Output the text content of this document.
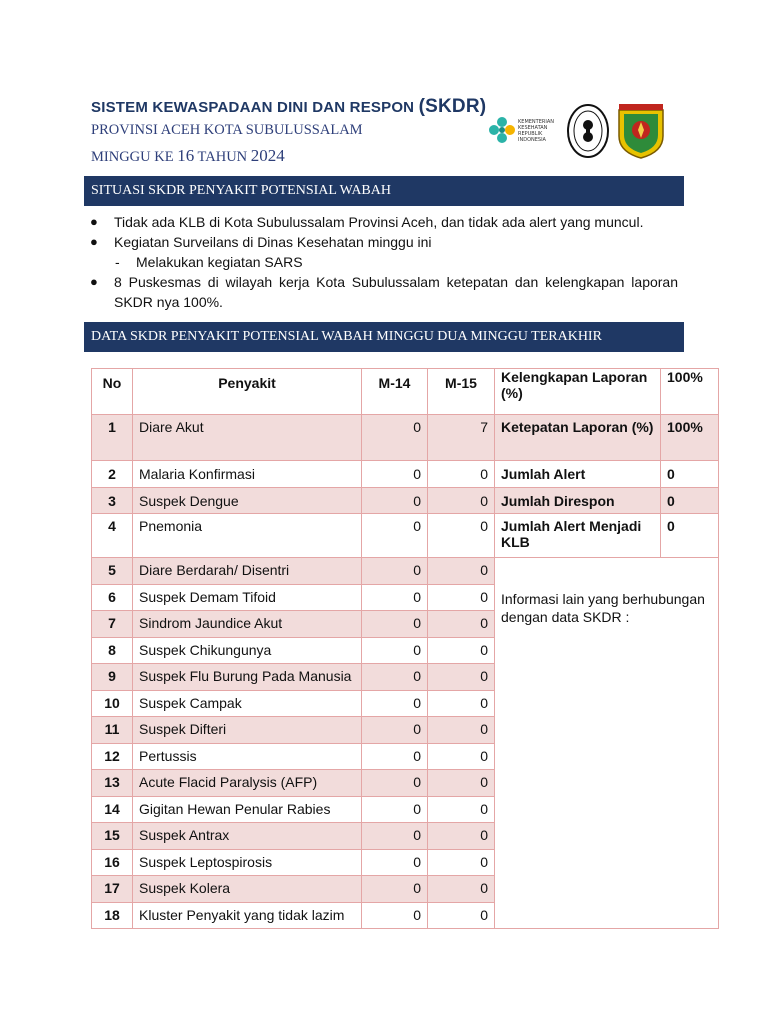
SISTEM KEWASPADAAN DINI DAN RESPON (SKDR)
PROVINSI ACEH KOTA SUBULUSSALAM
MINGGU KE 16 TAHUN 2024
KEMENTERIAN
KESEHATAN
REPUBLIK
INDONESIA
SITUASI SKDR PENYAKIT POTENSIAL WABAH
● Tidak ada KLB di Kota Subulussalam Provinsi Aceh, dan tidak ada alert yang muncul.
● Kegiatan Surveilans di Dinas Kesehatan minggu ini
- Melakukan kegiatan SARS
● 8 Puskesmas di wilayah kerja Kota Subulussalam ketepatan dan kelengkapan laporan SKDR nya 100%.
DATA SKDR PENYAKIT POTENSIAL WABAH MINGGU DUA MINGGU TERAKHIR
No	Penyakit	M-14	M-15	Kelengkapan Laporan (%)	100%
1	Diare Akut	0	7	Ketepatan Laporan (%)	100%
2	Malaria Konfirmasi	0	0	Jumlah Alert	0
3	Suspek Dengue	0	0	Jumlah Direspon	0
4	Pnemonia	0	0	Jumlah Alert Menjadi KLB	0
5	Diare Berdarah/ Disentri	0	0	Informasi lain yang berhubungan dengan data SKDR :	
6	Suspek Demam Tifoid	0	0		
7	Sindrom Jaundice Akut	0	0		
8	Suspek Chikungunya	0	0		
9	Suspek Flu Burung Pada Manusia	0	0		
10	Suspek Campak	0	0		
11	Suspek Difteri	0	0		
12	Pertussis	0	0		
13	Acute Flacid Paralysis (AFP)	0	0		
14	Gigitan Hewan Penular Rabies	0	0		
15	Suspek Antrax	0	0		
16	Suspek Leptospirosis	0	0		
17	Suspek Kolera	0	0		
18	Kluster Penyakit yang tidak lazim	0	0		
